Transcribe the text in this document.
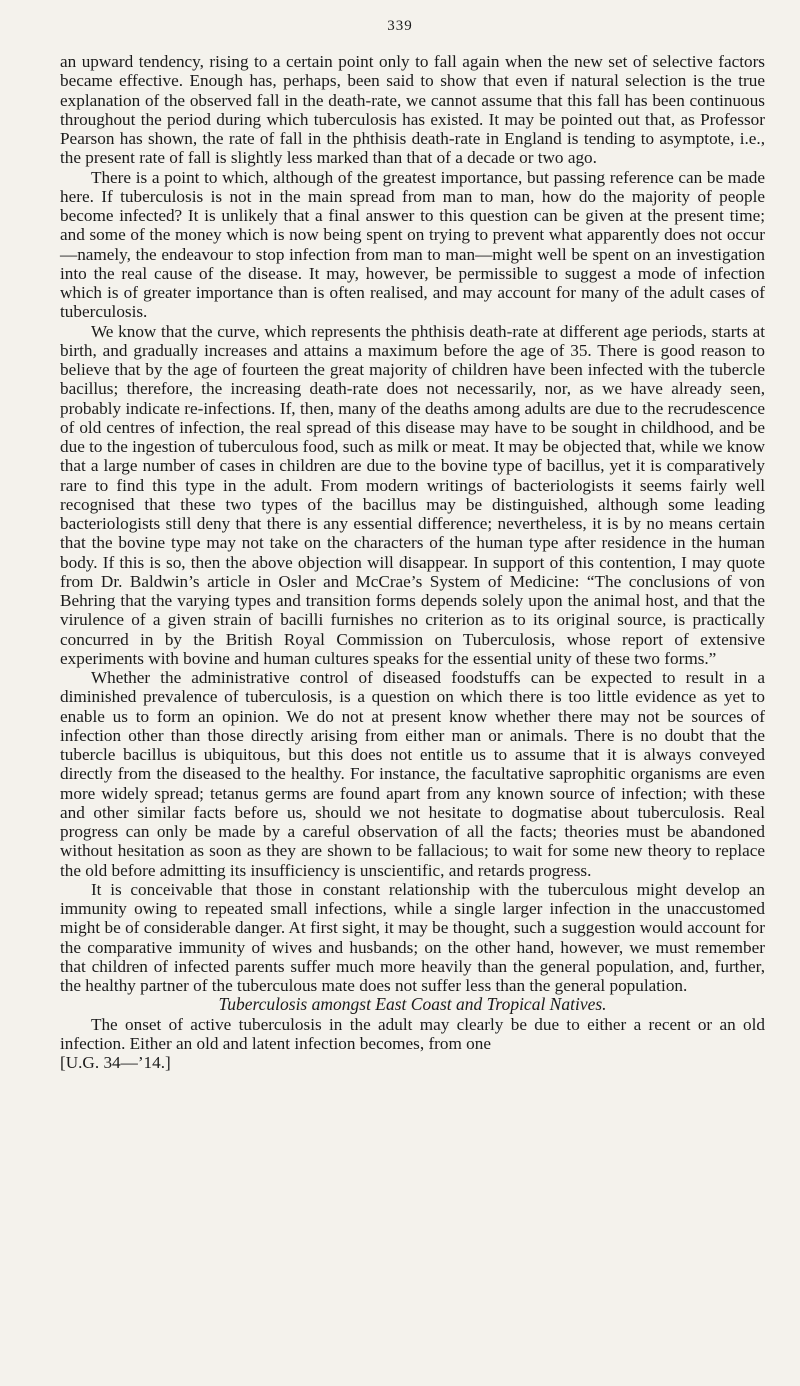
339

an upward tendency, rising to a certain point only to fall again when the new set of selective factors became effective. Enough has, perhaps, been said to show that even if natural selection is the true explanation of the observed fall in the death-rate, we cannot assume that this fall has been continuous throughout the period during which tuberculosis has existed. It may be pointed out that, as Professor Pearson has shown, the rate of fall in the phthisis death-rate in England is tending to asymptote, i.e., the present rate of fall is slightly less marked than that of a decade or two ago.

There is a point to which, although of the greatest importance, but passing reference can be made here. If tuberculosis is not in the main spread from man to man, how do the majority of people become infected? It is unlikely that a final answer to this question can be given at the present time; and some of the money which is now being spent on trying to prevent what apparently does not occur—namely, the endeavour to stop infection from man to man—might well be spent on an investigation into the real cause of the disease. It may, however, be permissible to suggest a mode of infection which is of greater importance than is often realised, and may account for many of the adult cases of tuberculosis.

We know that the curve, which represents the phthisis death-rate at different age periods, starts at birth, and gradually increases and attains a maximum before the age of 35. There is good reason to believe that by the age of fourteen the great majority of children have been infected with the tubercle bacillus; therefore, the increasing death-rate does not necessarily, nor, as we have already seen, probably indicate re-infections. If, then, many of the deaths among adults are due to the recrudescence of old centres of infection, the real spread of this disease may have to be sought in childhood, and be due to the ingestion of tuberculous food, such as milk or meat. It may be objected that, while we know that a large number of cases in children are due to the bovine type of bacillus, yet it is comparatively rare to find this type in the adult. From modern writings of bacteriologists it seems fairly well recognised that these two types of the bacillus may be distinguished, although some leading bacteriologists still deny that there is any essential difference; nevertheless, it is by no means certain that the bovine type may not take on the characters of the human type after residence in the human body. If this is so, then the above objection will disappear. In support of this contention, I may quote from Dr. Baldwin’s article in Osler and McCrae’s System of Medicine: “The conclusions of von Behring that the varying types and transition forms depends solely upon the animal host, and that the virulence of a given strain of bacilli furnishes no criterion as to its original source, is practically concurred in by the British Royal Commission on Tuberculosis, whose report of extensive experiments with bovine and human cultures speaks for the essential unity of these two forms.”

Whether the administrative control of diseased foodstuffs can be expected to result in a diminished prevalence of tuberculosis, is a question on which there is too little evidence as yet to enable us to form an opinion. We do not at present know whether there may not be sources of infection other than those directly arising from either man or animals. There is no doubt that the tubercle bacillus is ubiquitous, but this does not entitle us to assume that it is always conveyed directly from the diseased to the healthy. For instance, the facultative saprophitic organisms are even more widely spread; tetanus germs are found apart from any known source of infection; with these and other similar facts before us, should we not hesitate to dogmatise about tuberculosis. Real progress can only be made by a careful observation of all the facts; theories must be abandoned without hesitation as soon as they are shown to be fallacious; to wait for some new theory to replace the old before admitting its insufficiency is unscientific, and retards progress.

It is conceivable that those in constant relationship with the tuberculous might develop an immunity owing to repeated small infections, while a single larger infection in the unaccustomed might be of considerable danger. At first sight, it may be thought, such a suggestion would account for the comparative immunity of wives and husbands; on the other hand, however, we must remember that children of infected parents suffer much more heavily than the general population, and, further, the healthy partner of the tuberculous mate does not suffer less than the general population.

Tuberculosis amongst East Coast and Tropical Natives.

The onset of active tuberculosis in the adult may clearly be due to either a recent or an old infection. Either an old and latent infection becomes, from one

[U.G. 34—’14.]
